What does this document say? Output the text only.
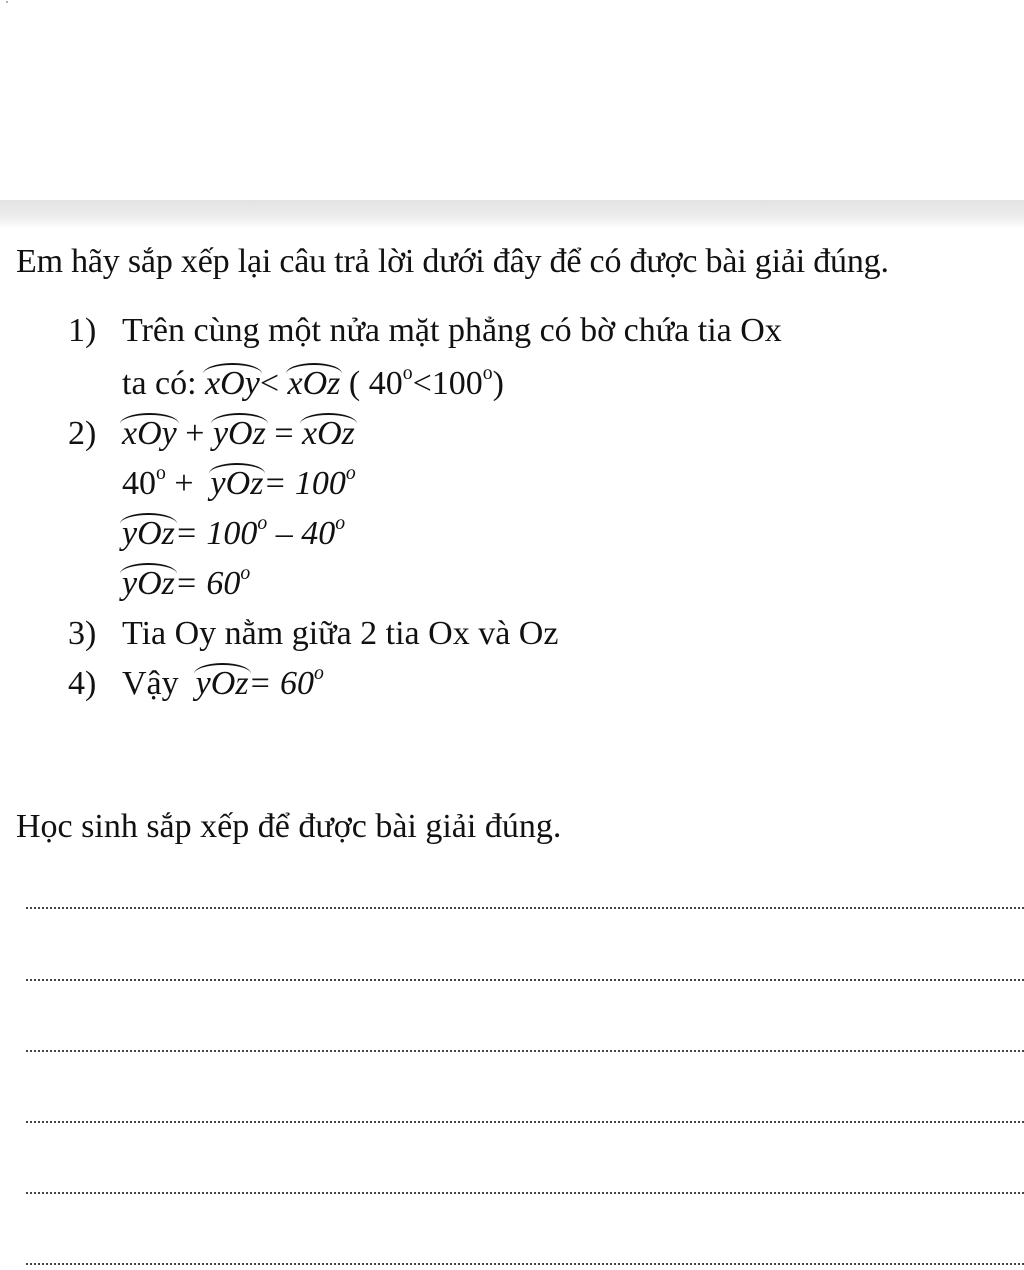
Em hãy sắp xếp lại câu trả lời dưới đây để có được bài giải đúng.
1) Trên cùng một nửa mặt phẳng có bờ chứa tia Ox
ta có: xOy< xOz ( $40^o<100^o$)
2) xOy + yOz = xOz
$40^o + yOz= 100^o$
$yOz= 100^o - 40^o$
$yOz= 60^o$
3) Tia Oy nằm giữa 2 tia Ox và Oz
4) Vậy $yOz= 60^o$
Học sinh sắp xếp để được bài giải đúng.
